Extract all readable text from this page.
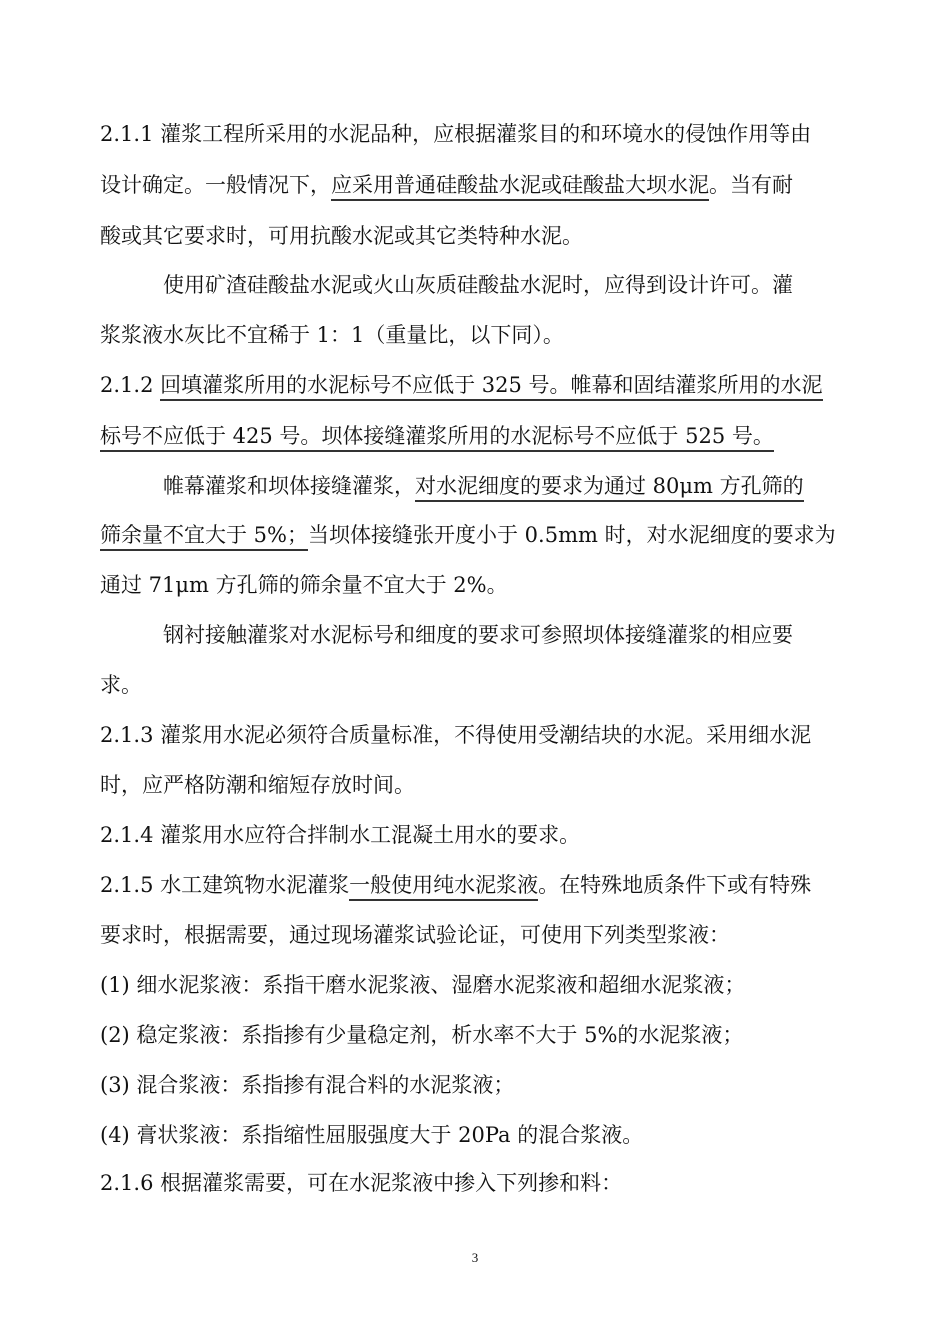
2.1.1 灌浆工程所采用的水泥品种，应根据灌浆目的和环境水的侵蚀作用等由
设计确定。一般情况下，应采用普通硅酸盐水泥或硅酸盐大坝水泥。当有耐
酸或其它要求时，可用抗酸水泥或其它类特种水泥。
使用矿渣硅酸盐水泥或火山灰质硅酸盐水泥时，应得到设计许可。灌
浆浆液水灰比不宜稀于 1：1（重量比，以下同）。
2.1.2 回填灌浆所用的水泥标号不应低于 325 号。帷幕和固结灌浆所用的水泥
标号不应低于 425 号。坝体接缝灌浆所用的水泥标号不应低于 525 号。
帷幕灌浆和坝体接缝灌浆，对水泥细度的要求为通过 80μm 方孔筛的
筛余量不宜大于 5%；当坝体接缝张开度小于 0.5mm 时，对水泥细度的要求为
通过 71μm 方孔筛的筛余量不宜大于 2%。
钢衬接触灌浆对水泥标号和细度的要求可参照坝体接缝灌浆的相应要
求。
2.1.3 灌浆用水泥必须符合质量标准，不得使用受潮结块的水泥。采用细水泥
时，应严格防潮和缩短存放时间。
2.1.4 灌浆用水应符合拌制水工混凝土用水的要求。
2.1.5 水工建筑物水泥灌浆一般使用纯水泥浆液。在特殊地质条件下或有特殊
要求时，根据需要，通过现场灌浆试验论证，可使用下列类型浆液：
(1) 细水泥浆液：系指干磨水泥浆液、湿磨水泥浆液和超细水泥浆液；
(2) 稳定浆液：系指掺有少量稳定剂，析水率不大于 5%的水泥浆液；
(3) 混合浆液：系指掺有混合料的水泥浆液；
(4) 膏状浆液：系指缩性屈服强度大于 20Pa 的混合浆液。
2.1.6 根据灌浆需要，可在水泥浆液中掺入下列掺和料：
3
